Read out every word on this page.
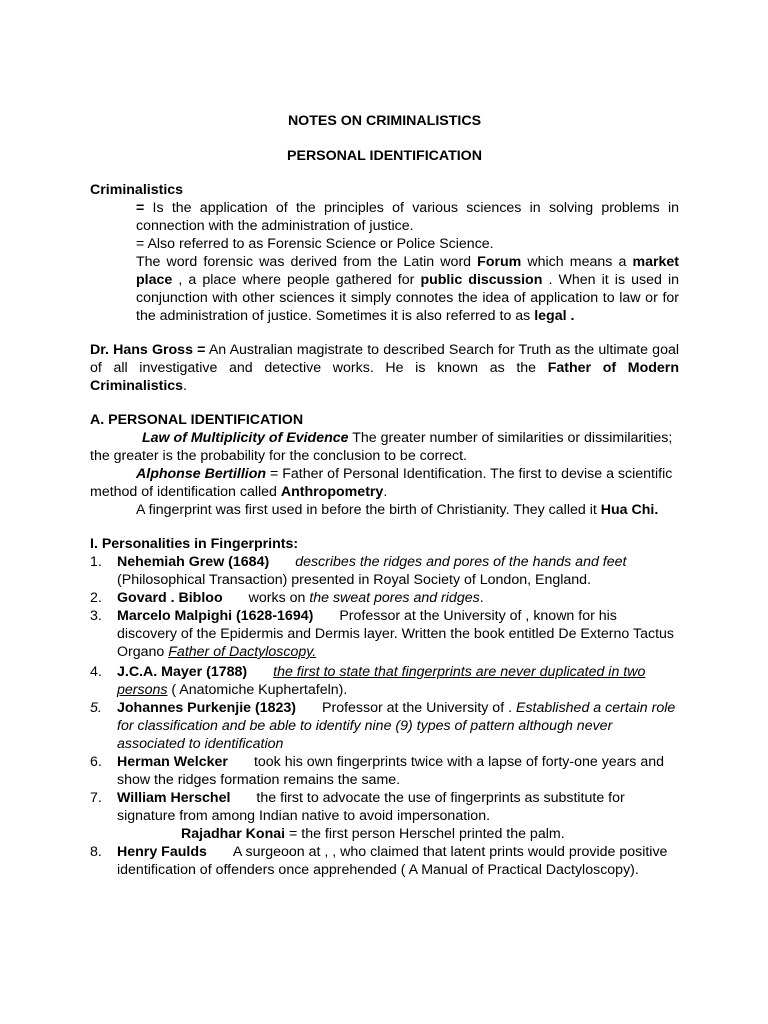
NOTES ON CRIMINALISTICS
PERSONAL IDENTIFICATION
Criminalistics
= Is the application of the principles of various sciences in solving problems in connection with the administration of justice.
= Also referred to as Forensic Science or Police Science.
The word forensic was derived from the Latin word Forum which means a market place , a place where people gathered for public discussion . When it is used in conjunction with other sciences it simply connotes the idea of application to law or for the administration of justice. Sometimes it is also referred to as legal .
Dr. Hans Gross = An Australian magistrate to described Search for Truth as the ultimate goal of all investigative and detective works. He is known as the Father of Modern Criminalistics.
A. PERSONAL IDENTIFICATION
Law of Multiplicity of Evidence The greater number of similarities or dissimilarities; the greater is the probability for the conclusion to be correct.
Alphonse Bertillion = Father of Personal Identification. The first to devise a scientific method of identification called Anthropometry.
A fingerprint was first used in before the birth of Christianity. They called it Hua Chi.
I. Personalities in Fingerprints:
1. Nehemiah Grew (1684) describes the ridges and pores of the hands and feet
(Philosophical Transaction) presented in Royal Society of London, England.
2. Govard . Bibloo works on the sweat pores and ridges.
3. Marcelo Malpighi (1628-1694) Professor at the University of , known for his discovery of the Epidermis and Dermis layer. Written the book entitled De Externo Tactus Organo Father of Dactyloscopy.
4. J.C.A. Mayer (1788) the first to state that fingerprints are never duplicated in two persons ( Anatomiche Kuphertafeln).
5. Johannes Purkenjie (1823) Professor at the University of . Established a certain role for classification and be able to identify nine (9) types of pattern although never associated to identification
6. Herman Welcker took his own fingerprints twice with a lapse of forty-one years and show the ridges formation remains the same.
7. William Herschel the first to advocate the use of fingerprints as substitute for signature from among Indian native to avoid impersonation.
Rajadhar Konai = the first person Herschel printed the palm.
8. Henry Faulds A surgeoon at , , who claimed that latent prints would provide positive identification of offenders once apprehended ( A Manual of Practical Dactyloscopy).
